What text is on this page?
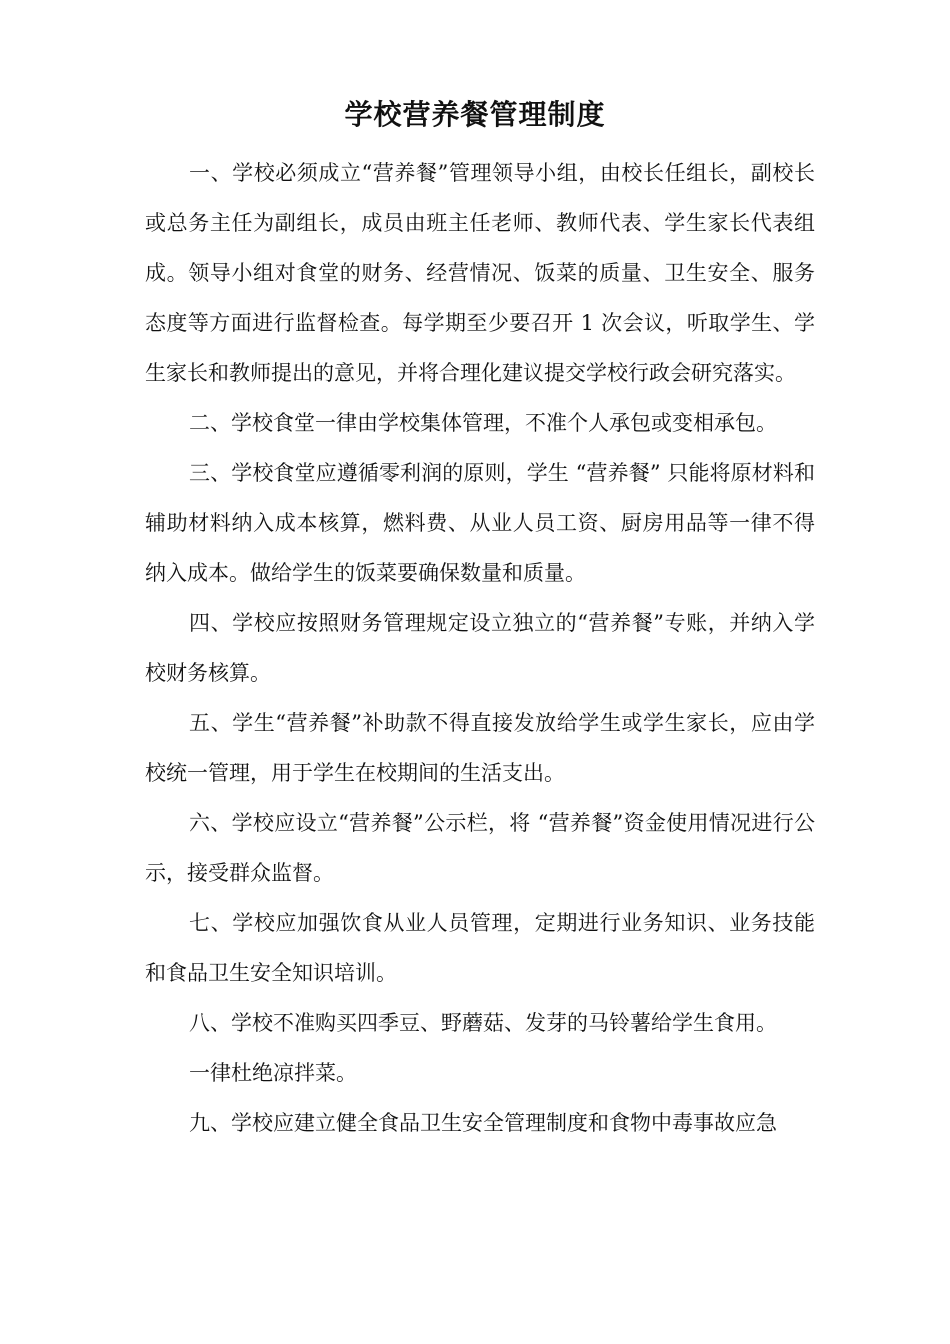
学校营养餐管理制度

一、学校必须成立“营养餐”管理领导小组，由校长任组长，副校长或总务主任为副组长，成员由班主任老师、教师代表、学生家长代表组成。领导小组对食堂的财务、经营情况、饭菜的质量、卫生安全、服务态度等方面进行监督检查。每学期至少要召开 1 次会议，听取学生、学生家长和教师提出的意见，并将合理化建议提交学校行政会研究落实。

二、学校食堂一律由学校集体管理，不准个人承包或变相承包。

三、学校食堂应遵循零利润的原则，学生 “营养餐” 只能将原材料和辅助材料纳入成本核算，燃料费、从业人员工资、厨房用品等一律不得纳入成本。做给学生的饭菜要确保数量和质量。

四、学校应按照财务管理规定设立独立的“营养餐”专账，并纳入学校财务核算。

五、学生“营养餐”补助款不得直接发放给学生或学生家长，应由学校统一管理，用于学生在校期间的生活支出。

六、学校应设立“营养餐”公示栏，将 “营养餐”资金使用情况进行公示，接受群众监督。

七、学校应加强饮食从业人员管理，定期进行业务知识、业务技能和食品卫生安全知识培训。

八、学校不准购买四季豆、野蘑菇、发芽的马铃薯给学生食用。

一律杜绝凉拌菜。

九、学校应建立健全食品卫生安全管理制度和食物中毒事故应急
